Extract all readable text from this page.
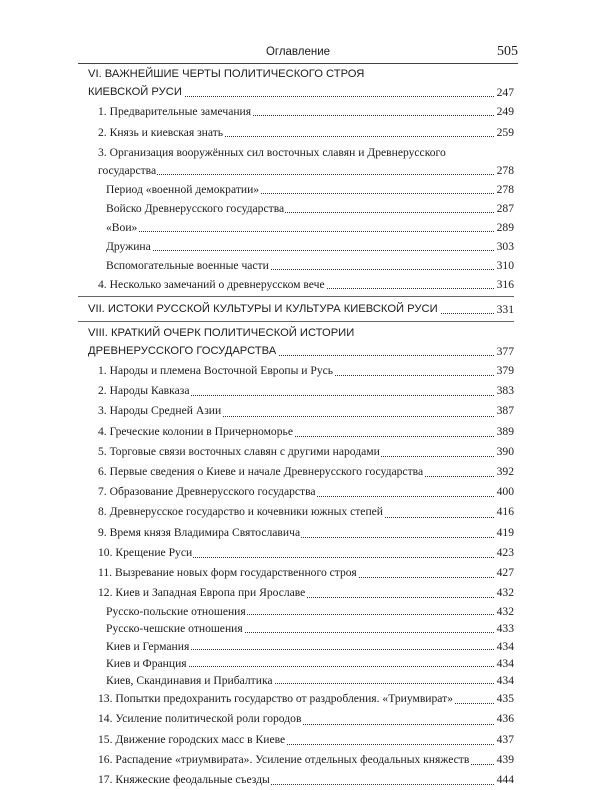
Оглавление	505
VI. ВАЖНЕЙШИЕ ЧЕРТЫ ПОЛИТИЧЕСКОГО СТРОЯ
КИЕВСКОЙ РУСИ	247
1. Предварительные замечания	249
2. Князь и киевская знать	259
3. Организация вооружённых сил восточных славян и Древнерусского
государства	278
Период «военной демократии»	278
Войско Древнерусского государства	287
«Вои»	289
Дружина	303
Вспомогательные военные части	310
4. Несколько замечаний о древнерусском вече	316
VII. ИСТОКИ РУССКОЙ КУЛЬТУРЫ И КУЛЬТУРА КИЕВСКОЙ РУСИ	331
VIII. КРАТКИЙ ОЧЕРК ПОЛИТИЧЕСКОЙ ИСТОРИИ
ДРЕВНЕРУССКОГО ГОСУДАРСТВА	377
1. Народы и племена Восточной Европы и Русь	379
2. Народы Кавказа	383
3. Народы Средней Азии	387
4. Греческие колонии в Причерноморье	389
5. Торговые связи восточных славян с другими народами	390
6. Первые сведения о Киеве и начале Древнерусского государства	392
7. Образование Древнерусского государства	400
8. Древнерусское государство и кочевники южных степей	416
9. Время князя Владимира Святославича	419
10. Крещение Руси	423
11. Вызревание новых форм государственного строя	427
12. Киев и Западная Европа при Ярославе	432
Русско-польские отношения	432
Русско-чешские отношения	433
Киев и Германия	434
Киев и Франция	434
Киев, Скандинавия и Прибалтика	434
13. Попытки предохранить государство от раздробления. «Триумвират»	435
14. Усиление политической роли городов	436
15. Движение городских масс в Киеве	437
16. Распадение «триумвирата». Усиление отдельных феодальных княжеств 439
17. Княжеские феодальные съезды	444
